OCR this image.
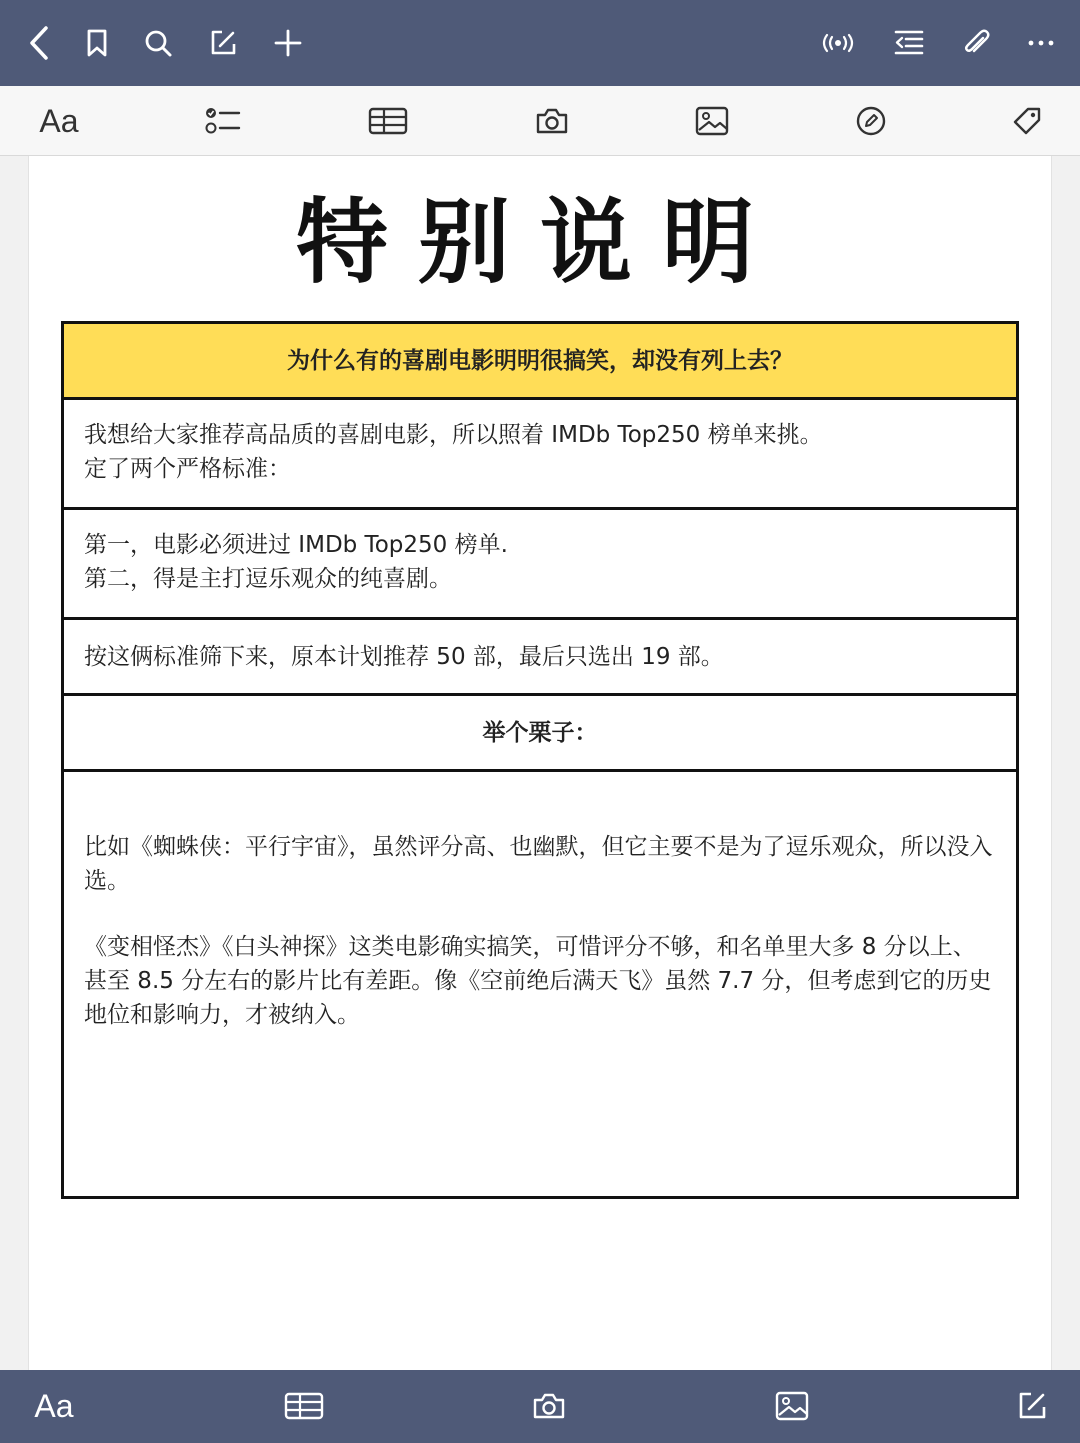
Aa
特别说明
为什么有的喜剧电影明明很搞笑，却没有列上去？

我想给大家推荐高品质的喜剧电影，所以照着 IMDb Top250 榜单来挑。

定了两个严格标准：

第一，电影必须进过 IMDb Top250 榜单.

第二，得是主打逗乐观众的纯喜剧。

按这俩标准筛下来，原本计划推荐 50 部，最后只选出 19 部。
举个栗子：

比如《蜘蛛侠：平行宇宙》，虽然评分高、也幽默，但它主要不是为了逗乐观众，所以没入选。

《变相怪杰》《白头神探》这类电影确实搞笑，可惜评分不够，和名单里大多 8 分以上、甚至 8.5 分左右的影片比有差距。像《空前绝后满天飞》虽然 7.7 分，但考虑到它的历史地位和影响力，才被纳入。

Aa
